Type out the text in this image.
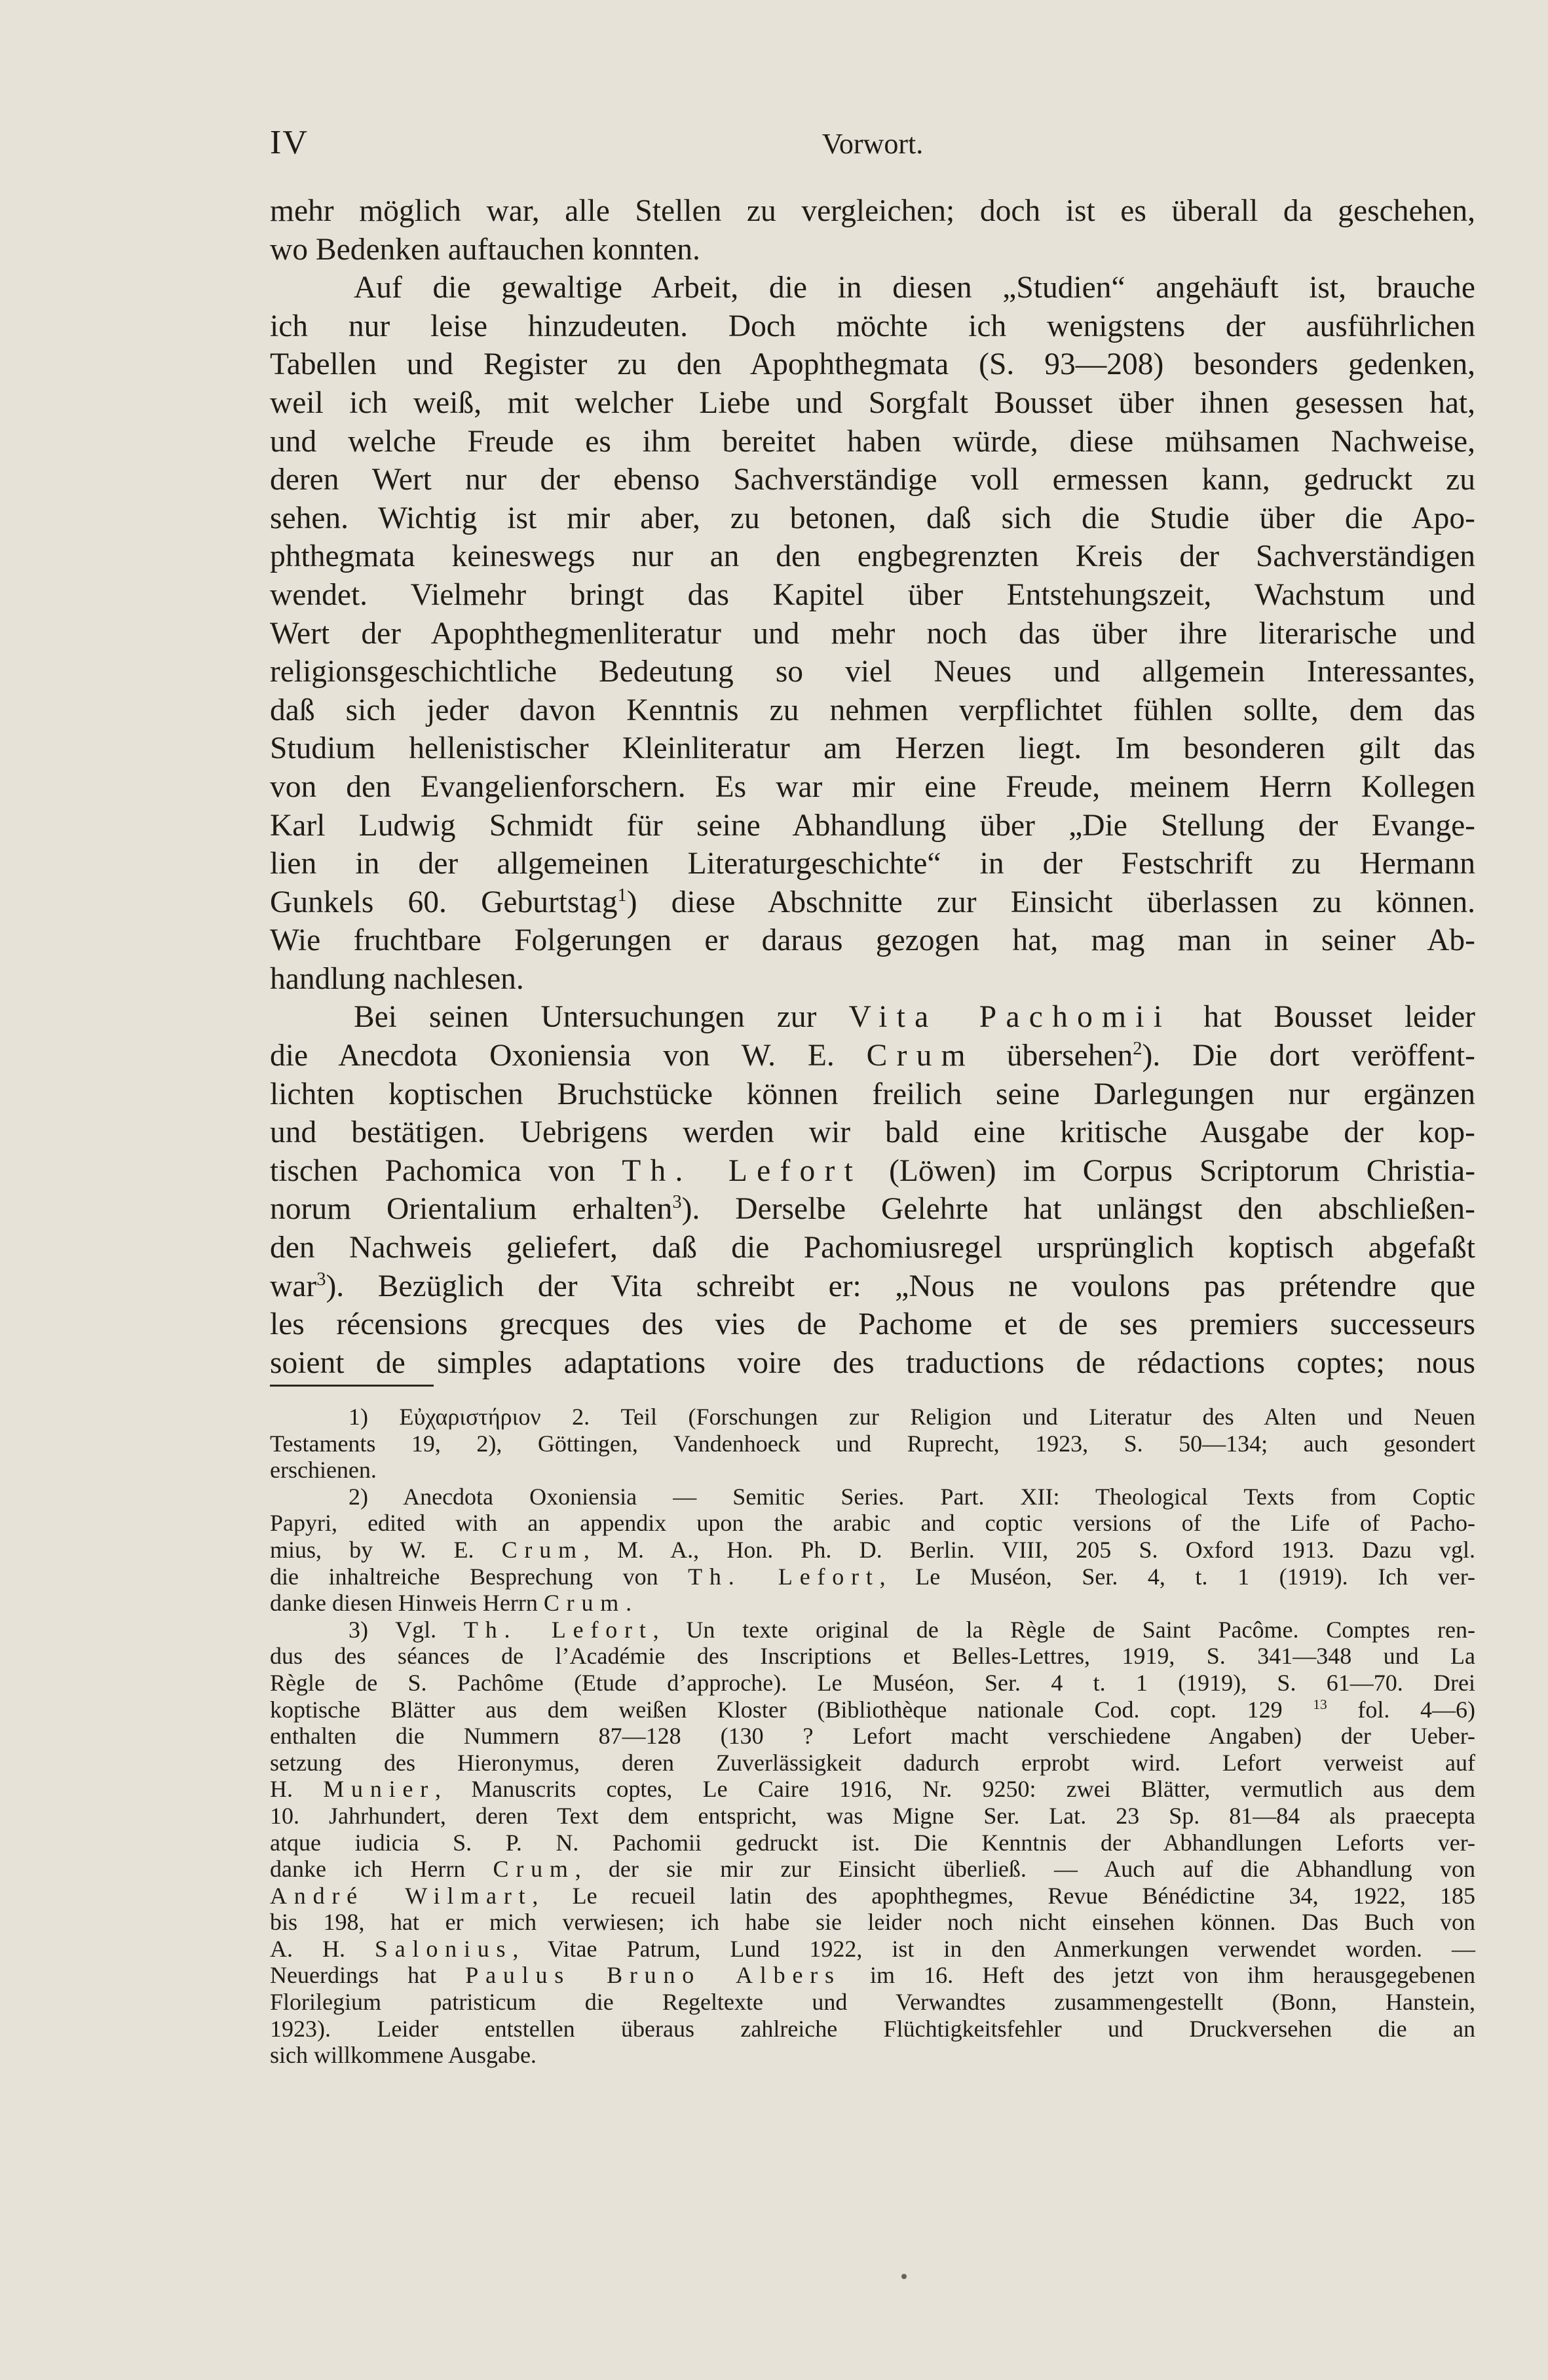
IV	Vorwort.
mehr möglich war, alle Stellen zu vergleichen; doch ist es überall da geschehen,
wo Bedenken auftauchen konnten.
Auf die gewaltige Arbeit, die in diesen „Studien“ angehäuft ist, brauche
ich nur leise hinzudeuten. Doch möchte ich wenigstens der ausführlichen
Tabellen und Register zu den Apophthegmata (S. 93—208) besonders gedenken,
weil ich weiß, mit welcher Liebe und Sorgfalt Bousset über ihnen gesessen hat,
und welche Freude es ihm bereitet haben würde, diese mühsamen Nachweise,
deren Wert nur der ebenso Sachverständige voll ermessen kann, gedruckt zu
sehen. Wichtig ist mir aber, zu betonen, daß sich die Studie über die Apo-
phthegmata keineswegs nur an den engbegrenzten Kreis der Sachverständigen
wendet. Vielmehr bringt das Kapitel über Entstehungszeit, Wachstum und
Wert der Apophthegmenliteratur und mehr noch das über ihre literarische und
religionsgeschichtliche Bedeutung so viel Neues und allgemein Interessantes,
daß sich jeder davon Kenntnis zu nehmen verpflichtet fühlen sollte, dem das
Studium hellenistischer Kleinliteratur am Herzen liegt. Im besonderen gilt das
von den Evangelienforschern. Es war mir eine Freude, meinem Herrn Kollegen
Karl Ludwig Schmidt für seine Abhandlung über „Die Stellung der Evange-
lien in der allgemeinen Literaturgeschichte“ in der Festschrift zu Hermann
Gunkels 60. Geburtstag$^1$) diese Abschnitte zur Einsicht überlassen zu können.
Wie fruchtbare Folgerungen er daraus gezogen hat, mag man in seiner Ab-
handlung nachlesen.
Bei seinen Untersuchungen zur Vita Pachomii hat Bousset leider
die Anecdota Oxoniensia von W. E. Crum übersehen$^2$). Die dort veröffent-
lichten koptischen Bruchstücke können freilich seine Darlegungen nur ergänzen
und bestätigen. Uebrigens werden wir bald eine kritische Ausgabe der kop-
tischen Pachomica von Th. Lefort (Löwen) im Corpus Scriptorum Christia-
norum Orientalium erhalten$^3$). Derselbe Gelehrte hat unlängst den abschließen-
den Nachweis geliefert, daß die Pachomiusregel ursprünglich koptisch abgefaßt
war$^3$). Bezüglich der Vita schreibt er: „Nous ne voulons pas prétendre que
les récensions grecques des vies de Pachome et de ses premiers successeurs
soient de simples adaptations voire des traductions de rédactions coptes; nous
1) Εὐχαριστήριον 2. Teil (Forschungen zur Religion und Literatur des Alten und Neuen
Testaments 19, 2), Göttingen, Vandenhoeck und Ruprecht, 1923, S. 50—134; auch gesondert
erschienen.
2) Anecdota Oxoniensia — Semitic Series. Part. XII: Theological Texts from Coptic
Papyri, edited with an appendix upon the arabic and coptic versions of the Life of Pacho-
mius, by W. E. Crum, M. A., Hon. Ph. D. Berlin. VIII, 205 S. Oxford 1913. Dazu vgl.
die inhaltreiche Besprechung von Th. Lefort, Le Muséon, Ser. 4, t. 1 (1919). Ich ver-
danke diesen Hinweis Herrn Crum.
3) Vgl. Th. Lefort, Un texte original de la Règle de Saint Pacôme. Comptes ren-
dus des séances de l’Académie des Inscriptions et Belles-Lettres, 1919, S. 341—348 und La
Règle de S. Pachôme (Etude d’approche). Le Muséon, Ser. 4 t. 1 (1919), S. 61—70. Drei
koptische Blätter aus dem weißen Kloster (Bibliothèque nationale Cod. copt. 129 $^{13}$ fol. 4—6)
enthalten die Nummern 87—128 (130 ? Lefort macht verschiedene Angaben) der Ueber-
setzung des Hieronymus, deren Zuverlässigkeit dadurch erprobt wird. Lefort verweist auf
H. Munier, Manuscrits coptes, Le Caire 1916, Nr. 9250: zwei Blätter, vermutlich aus dem
10. Jahrhundert, deren Text dem entspricht, was Migne Ser. Lat. 23 Sp. 81—84 als praecepta
atque iudicia S. P. N. Pachomii gedruckt ist. Die Kenntnis der Abhandlungen Leforts ver-
danke ich Herrn Crum, der sie mir zur Einsicht überließ. — Auch auf die Abhandlung von
André Wilmart, Le recueil latin des apophthegmes, Revue Bénédictine 34, 1922, 185
bis 198, hat er mich verwiesen; ich habe sie leider noch nicht einsehen können. Das Buch von
A. H. Salonius, Vitae Patrum, Lund 1922, ist in den Anmerkungen verwendet worden. —
Neuerdings hat Paulus Bruno Albers im 16. Heft des jetzt von ihm herausgegebenen
Florilegium patristicum die Regeltexte und Verwandtes zusammengestellt (Bonn, Hanstein,
1923). Leider entstellen überaus zahlreiche Flüchtigkeitsfehler und Druckversehen die an
sich willkommene Ausgabe.
